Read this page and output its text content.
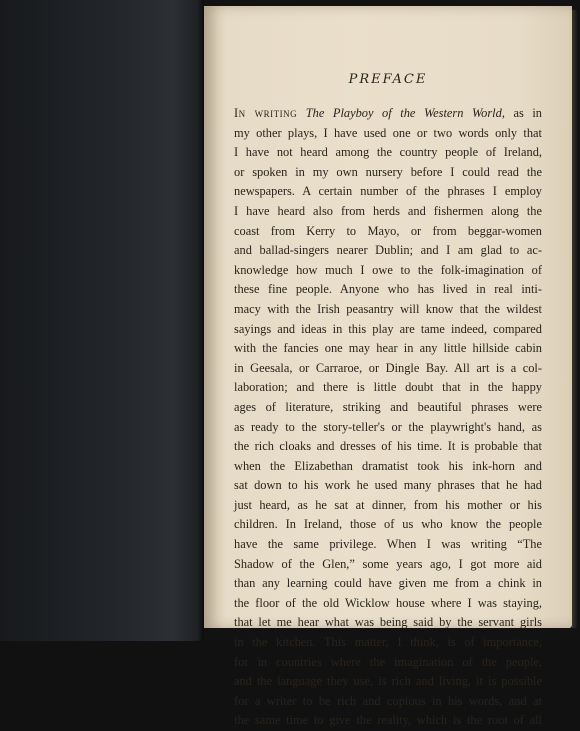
PREFACE
In writing The Playboy of the Western World, as in
my other plays, I have used one or two words only that
I have not heard among the country people of Ireland,
or spoken in my own nursery before I could read the
newspapers. A certain number of the phrases I employ
I have heard also from herds and fishermen along the
coast from Kerry to Mayo, or from beggar-women
and ballad-singers nearer Dublin; and I am glad to ac-
knowledge how much I owe to the folk-imagination of
these fine people. Anyone who has lived in real inti-
macy with the Irish peasantry will know that the wildest
sayings and ideas in this play are tame indeed, compared
with the fancies one may hear in any little hillside cabin
in Geesala, or Carraroe, or Dingle Bay. All art is a col-
laboration; and there is little doubt that in the happy
ages of literature, striking and beautiful phrases were
as ready to the story-teller's or the playwright's hand, as
the rich cloaks and dresses of his time. It is probable that
when the Elizabethan dramatist took his ink-horn and
sat down to his work he used many phrases that he had
just heard, as he sat at dinner, from his mother or his
children. In Ireland, those of us who know the people
have the same privilege. When I was writing “The
Shadow of the Glen,” some years ago, I got more aid
than any learning could have given me from a chink in
the floor of the old Wicklow house where I was staying,
that let me hear what was being said by the servant girls
in the kitchen. This matter, I think, is of importance,
for in countries where the imagination of the people,
and the language they use, is rich and living, it is possible
for a writer to be rich and copious in his words, and at
the same time to give the reality, which is the root of all
